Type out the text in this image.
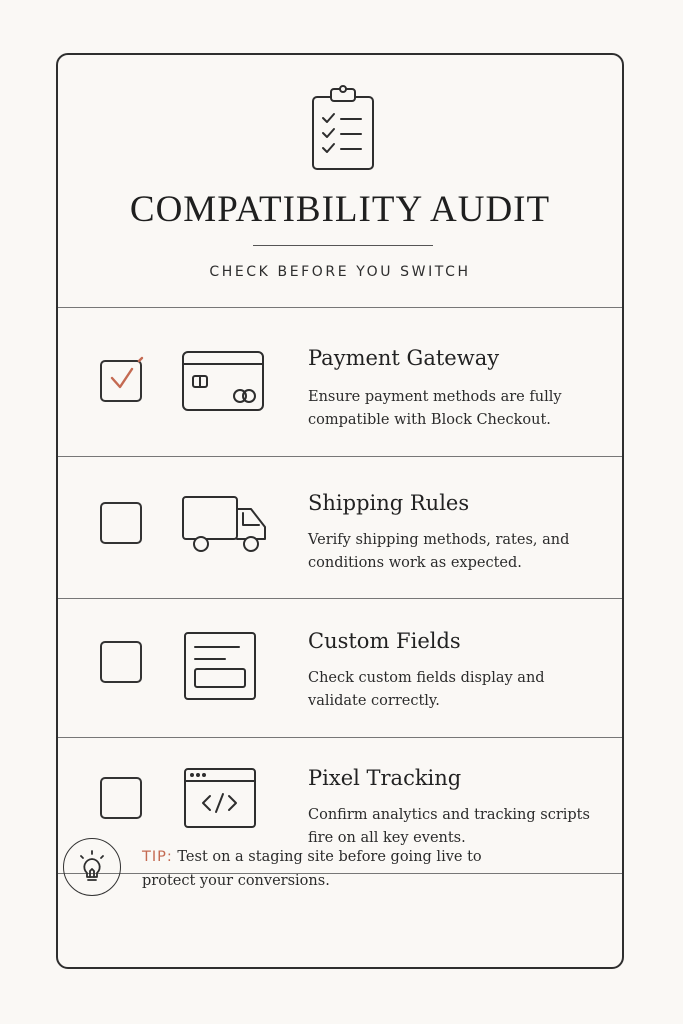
COMPATIBILITY AUDIT
CHECK BEFORE YOU SWITCH
Payment Gateway
Ensure payment methods are fully compatible with Block Checkout.
Shipping Rules
Verify shipping methods, rates, and conditions work as expected.
Custom Fields
Check custom fields display and validate correctly.
Pixel Tracking
Confirm analytics and tracking scripts fire on all key events.
TIP: Test on a staging site before going live to protect your conversions.
